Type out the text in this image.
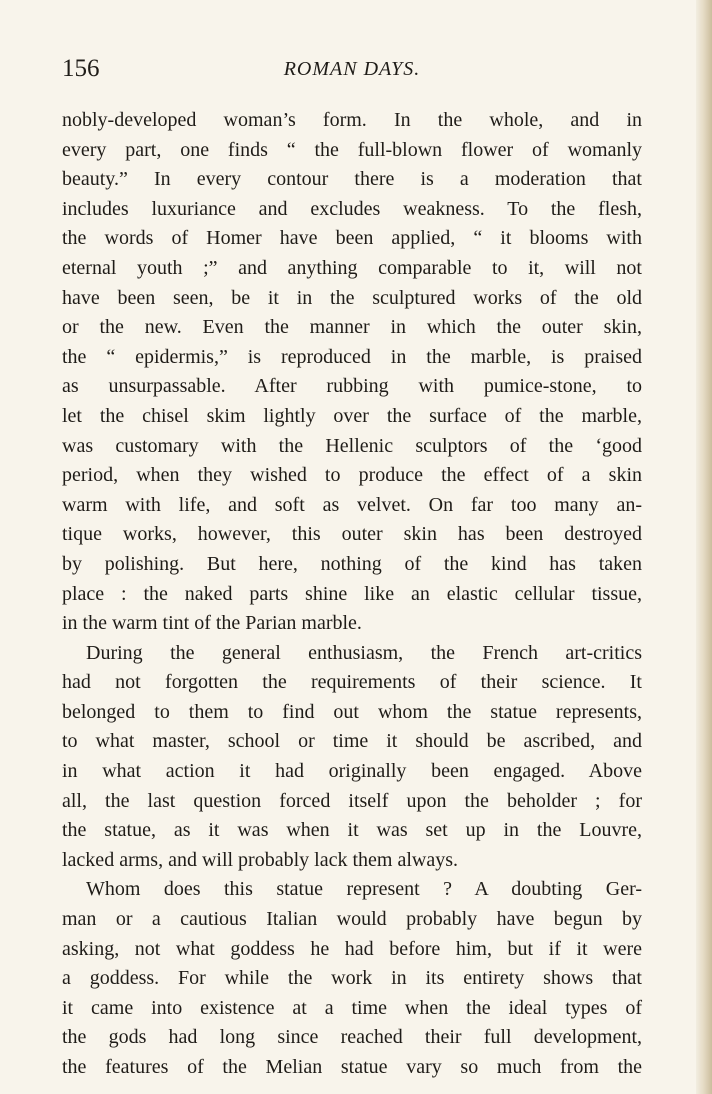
156	ROMAN DAYS.
nobly-developed woman’s form. In the whole, and in
every part, one finds “ the full-blown flower of womanly
beauty.” In every contour there is a moderation that
includes luxuriance and excludes weakness. To the flesh,
the words of Homer have been applied, “ it blooms with
eternal youth ;” and anything comparable to it, will not
have been seen, be it in the sculptured works of the old
or the new. Even the manner in which the outer skin,
the “ epidermis,” is reproduced in the marble, is praised
as unsurpassable. After rubbing with pumice-stone, to
let the chisel skim lightly over the surface of the marble,
was customary with the Hellenic sculptors of the ‘good
period, when they wished to produce the effect of a skin
warm with life, and soft as velvet. On far too many an-
tique works, however, this outer skin has been destroyed
by polishing. But here, nothing of the kind has taken
place : the naked parts shine like an elastic cellular tissue,
in the warm tint of the Parian marble.
During the general enthusiasm, the French art-critics
had not forgotten the requirements of their science. It
belonged to them to find out whom the statue represents,
to what master, school or time it should be ascribed, and
in what action it had originally been engaged. Above
all, the last question forced itself upon the beholder ; for
the statue, as it was when it was set up in the Louvre,
lacked arms, and will probably lack them always.
Whom does this statue represent ? A doubting Ger-
man or a cautious Italian would probably have begun by
asking, not what goddess he had before him, but if it were
a goddess. For while the work in its entirety shows that
it came into existence at a time when the ideal types of
the gods had long since reached their full development,
the features of the Melian statue vary so much from the
